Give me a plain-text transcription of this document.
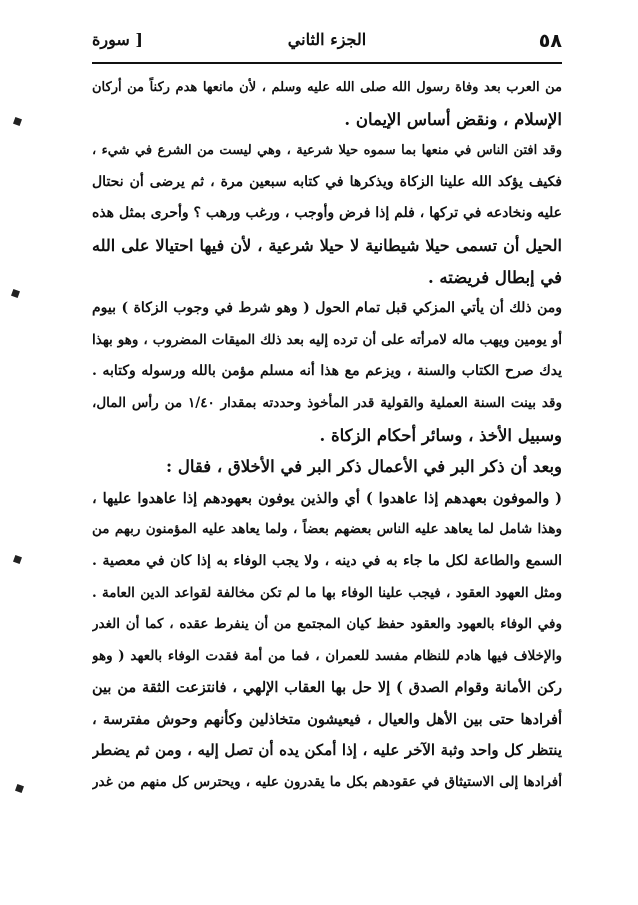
٥٨
الجزء الثاني
[ سورة
من العرب بعد وفاة رسول الله صلى الله عليه وسلم ، لأن مانعها هدم ركناً من أركان
الإسلام ، ونقض أساس الإيمان .
وقد افتن الناس في منعها بما سموه حيلا شرعية ، وهي ليست من الشرع في شيء ،
فكيف يؤكد الله علينا الزكاة ويذكرها في كتابه سبعين مرة ، ثم يرضى أن نحتال
عليه ونخادعه في تركها ، فلم إذا فرض وأوجب ، ورغب ورهب ؟ وأحرى بمثل هذه
الحيل أن تسمى حيلا شيطانية لا حيلا شرعية ، لأن فيها احتيالا على الله
في إبطال فريضته .
ومن ذلك أن يأتي المزكي قبل تمام الحول ( وهو شرط في وجوب الزكاة ) بيوم
أو يومين ويهب ماله لامرأته على أن ترده إليه بعد ذلك الميقات المضروب ، وهو بهذا
يدك صرح الكتاب والسنة ، ويزعم مع هذا أنه مسلم مؤمن بالله ورسوله وكتابه .
وقد بينت السنة العملية والقولية قدر المأخوذ وحددته بمقدار ١/٤٠ من رأس المال،
وسبيل الأخذ ، وسائر أحكام الزكاة .
وبعد أن ذكر البر في الأعمال ذكر البر في الأخلاق ، فقال :
( والموفون بعهدهم إذا عاهدوا ) أي والذين يوفون بعهودهم إذا عاهدوا عليها ،
وهذا شامل لما يعاهد عليه الناس بعضهم بعضاً ، ولما يعاهد عليه المؤمنون ربهم من
السمع والطاعة لكل ما جاء به في دينه ، ولا يجب الوفاء به إذا كان في معصية .
ومثل العهود العقود ، فيجب علينا الوفاء بها ما لم تكن مخالفة لقواعد الدين العامة .
وفي الوفاء بالعهود والعقود حفظ كيان المجتمع من أن ينفرط عقده ، كما أن الغدر
والإخلاف فيها هادم للنظام مفسد للعمران ، فما من أمة فقدت الوفاء بالعهد ( وهو
ركن الأمانة وقوام الصدق ) إلا حل بها العقاب الإلهي ، فانتزعت الثقة من بين
أفرادها حتى بين الأهل والعيال ، فيعيشون متخاذلين وكأنهم وحوش مفترسة ،
ينتظر كل واحد وثبة الآخر عليه ، إذا أمكن يده أن تصل إليه ، ومن ثم يضطر
أفرادها إلى الاستيثاق في عقودهم بكل ما يقدرون عليه ، ويحترس كل منهم من غدر
